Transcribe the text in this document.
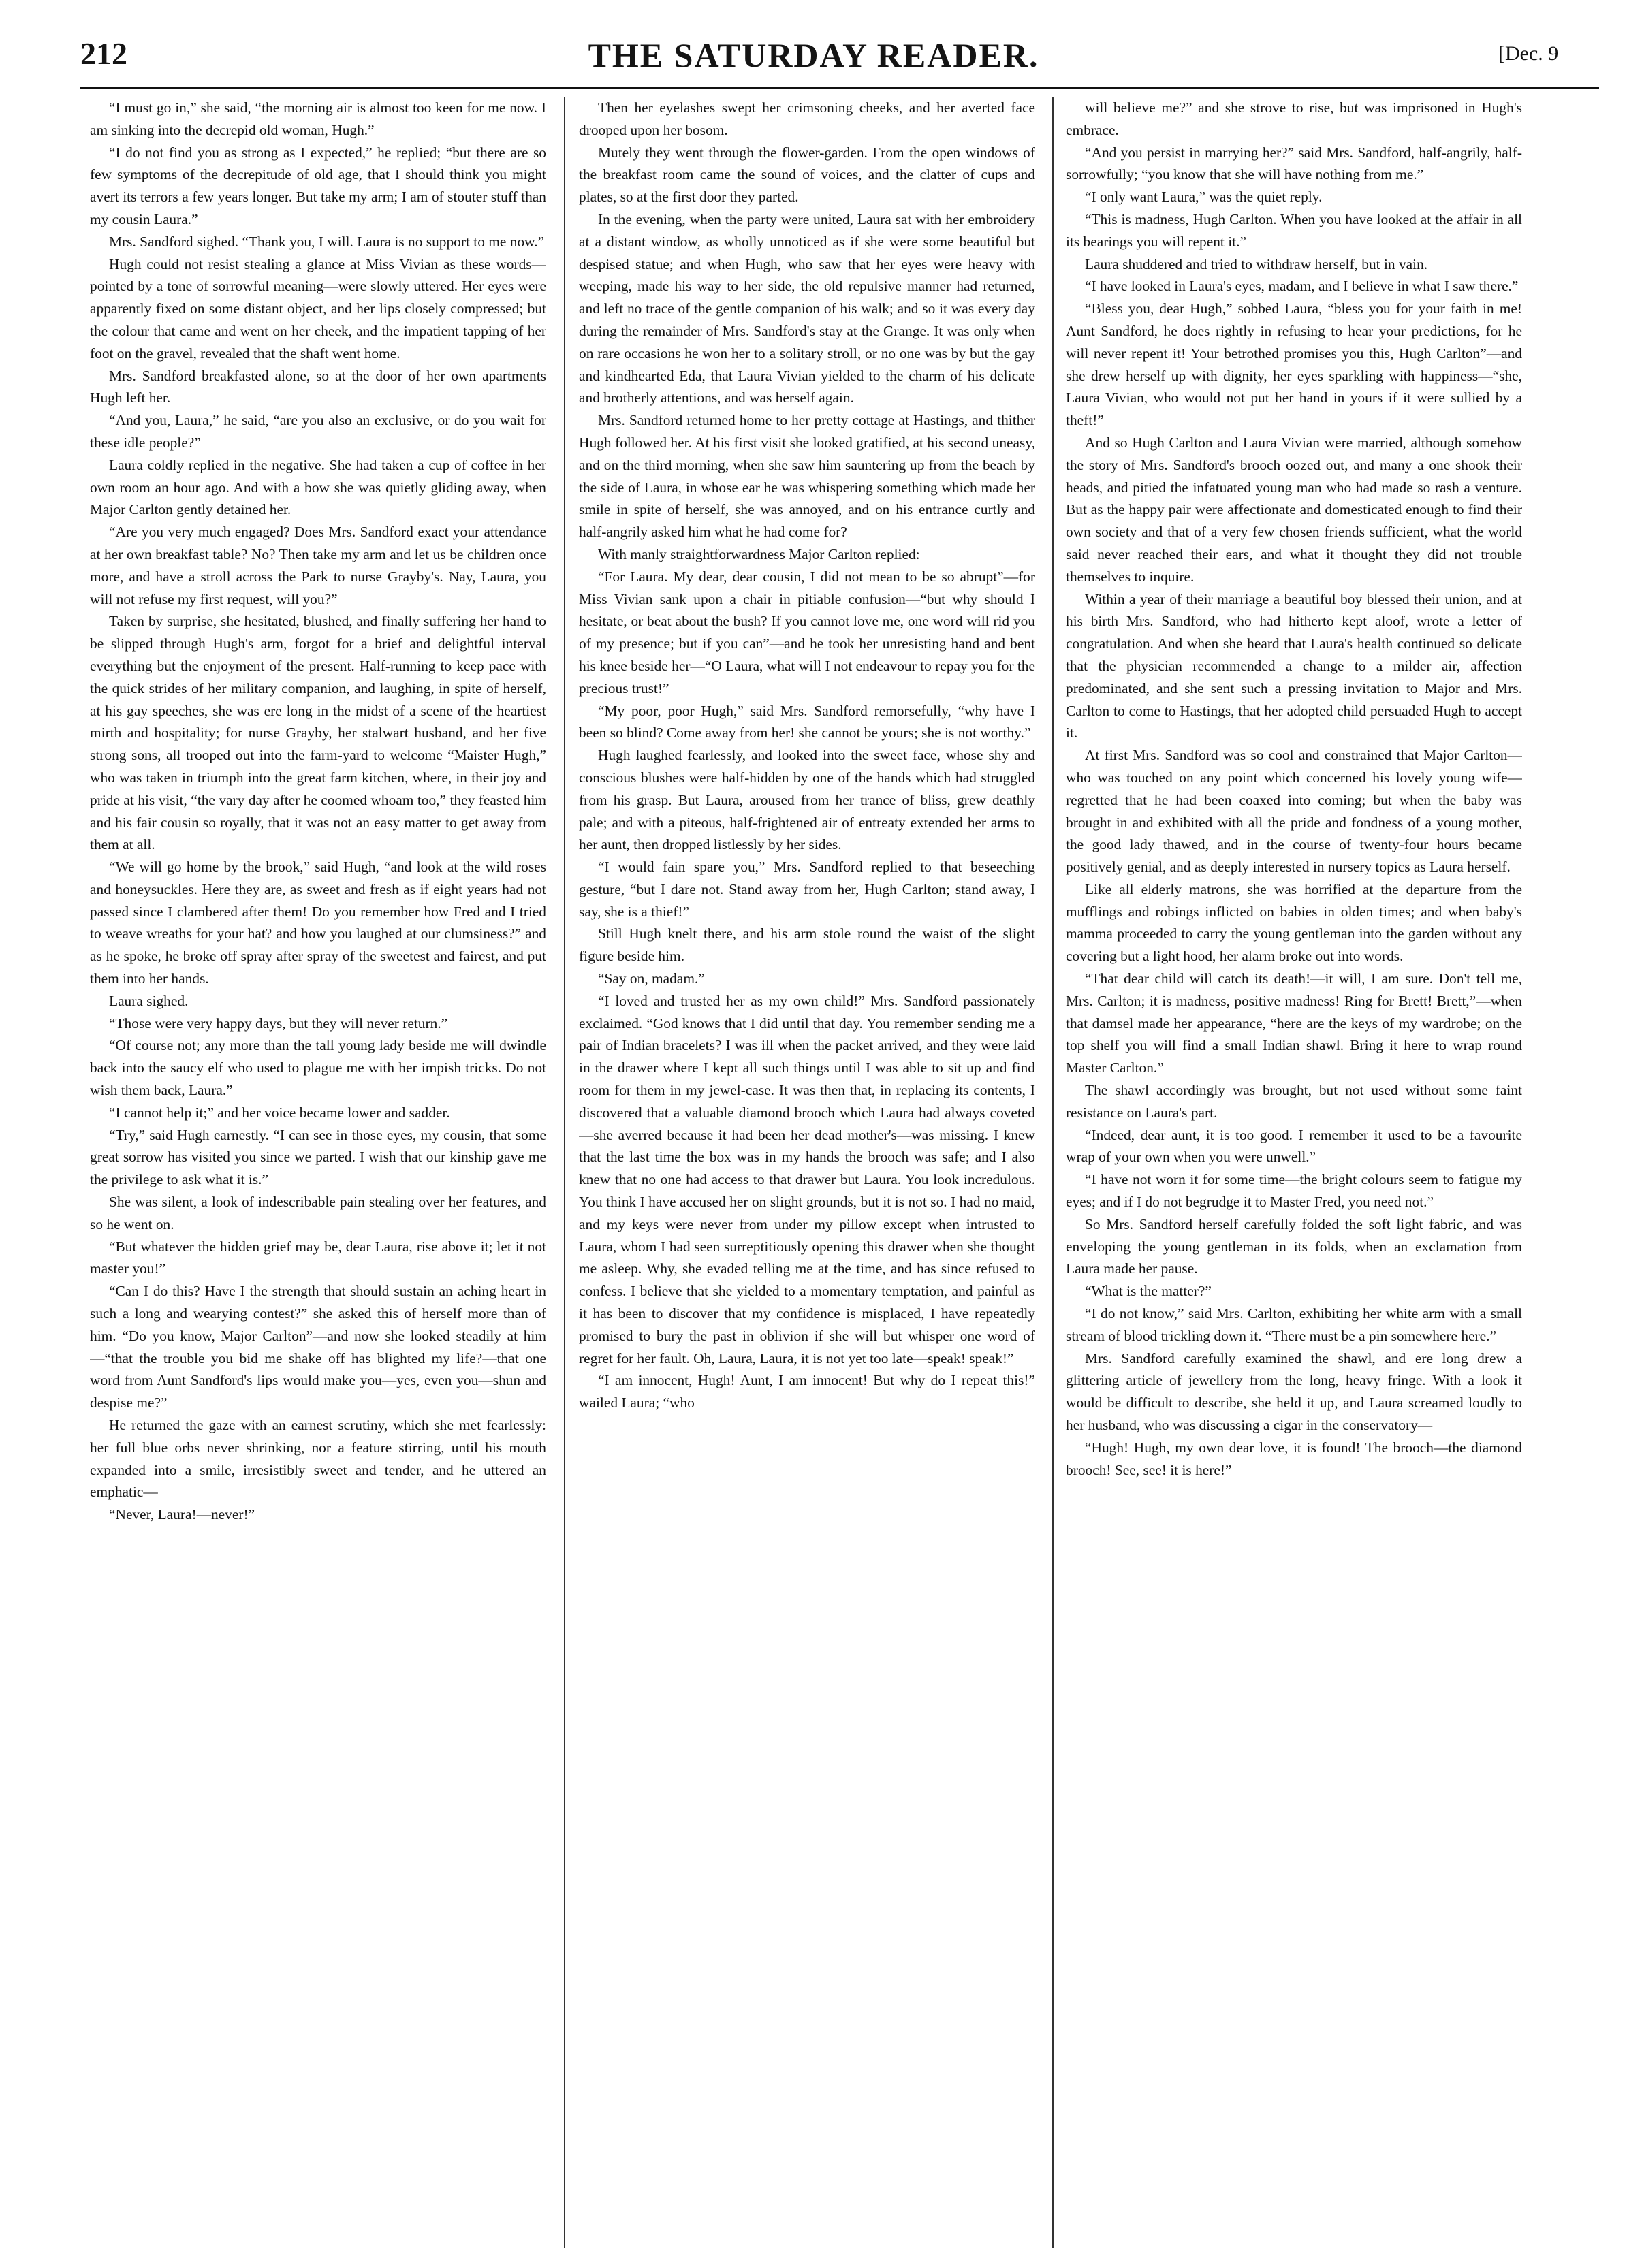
212	THE SATURDAY READER.	[Dec. 9

“I must go in,” she said, “the morning air is almost too keen for me now. I am sinking into the decrepid old woman, Hugh.”

“I do not find you as strong as I expected,” he replied; “but there are so few symptoms of the decrepitude of old age, that I should think you might avert its terrors a few years longer. But take my arm; I am of stouter stuff than my cousin Laura.”

Mrs. Sandford sighed. “Thank you, I will. Laura is no support to me now.”

Hugh could not resist stealing a glance at Miss Vivian as these words—pointed by a tone of sorrowful meaning—were slowly uttered. Her eyes were apparently fixed on some distant object, and her lips closely compressed; but the colour that came and went on her cheek, and the impatient tapping of her foot on the gravel, revealed that the shaft went home.

Mrs. Sandford breakfasted alone, so at the door of her own apartments Hugh left her.

“And you, Laura,” he said, “are you also an exclusive, or do you wait for these idle people?”

Laura coldly replied in the negative. She had taken a cup of coffee in her own room an hour ago. And with a bow she was quietly gliding away, when Major Carlton gently detained her.

“Are you very much engaged? Does Mrs. Sandford exact your attendance at her own breakfast table? No? Then take my arm and let us be children once more, and have a stroll across the Park to nurse Grayby's. Nay, Laura, you will not refuse my first request, will you?”

Taken by surprise, she hesitated, blushed, and finally suffering her hand to be slipped through Hugh's arm, forgot for a brief and delightful interval everything but the enjoyment of the present. Half-running to keep pace with the quick strides of her military companion, and laughing, in spite of herself, at his gay speeches, she was ere long in the midst of a scene of the heartiest mirth and hospitality; for nurse Grayby, her stalwart husband, and her five strong sons, all trooped out into the farm-yard to welcome “Maister Hugh,” who was taken in triumph into the great farm kitchen, where, in their joy and pride at his visit, “the vary day after he coomed whoam too,” they feasted him and his fair cousin so royally, that it was not an easy matter to get away from them at all.

“We will go home by the brook,” said Hugh, “and look at the wild roses and honeysuckles. Here they are, as sweet and fresh as if eight years had not passed since I clambered after them! Do you remember how Fred and I tried to weave wreaths for your hat? and how you laughed at our clumsiness?” and as he spoke, he broke off spray after spray of the sweetest and fairest, and put them into her hands.

Laura sighed.

“Those were very happy days, but they will never return.”

“Of course not; any more than the tall young lady beside me will dwindle back into the saucy elf who used to plague me with her impish tricks. Do not wish them back, Laura.”

“I cannot help it;” and her voice became lower and sadder.

“Try,” said Hugh earnestly. “I can see in those eyes, my cousin, that some great sorrow has visited you since we parted. I wish that our kinship gave me the privilege to ask what it is.”

She was silent, a look of indescribable pain stealing over her features, and so he went on.

“But whatever the hidden grief may be, dear Laura, rise above it; let it not master you!”

“Can I do this? Have I the strength that should sustain an aching heart in such a long and wearying contest?” she asked this of herself more than of him. “Do you know, Major Carlton”—and now she looked steadily at him—“that the trouble you bid me shake off has blighted my life?—that one word from Aunt Sandford's lips would make you—yes, even you—shun and despise me?”

He returned the gaze with an earnest scrutiny, which she met fearlessly: her full blue orbs never shrinking, nor a feature stirring, until his mouth expanded into a smile, irresistibly sweet and tender, and he uttered an emphatic—

“Never, Laura!—never!”

Then her eyelashes swept her crimsoning cheeks, and her averted face drooped upon her bosom.

Mutely they went through the flower-garden. From the open windows of the breakfast room came the sound of voices, and the clatter of cups and plates, so at the first door they parted.

In the evening, when the party were united, Laura sat with her embroidery at a distant window, as wholly unnoticed as if she were some beautiful but despised statue; and when Hugh, who saw that her eyes were heavy with weeping, made his way to her side, the old repulsive manner had returned, and left no trace of the gentle companion of his walk; and so it was every day during the remainder of Mrs. Sandford's stay at the Grange. It was only when on rare occasions he won her to a solitary stroll, or no one was by but the gay and kindhearted Eda, that Laura Vivian yielded to the charm of his delicate and brotherly attentions, and was herself again.

Mrs. Sandford returned home to her pretty cottage at Hastings, and thither Hugh followed her. At his first visit she looked gratified, at his second uneasy, and on the third morning, when she saw him sauntering up from the beach by the side of Laura, in whose ear he was whispering something which made her smile in spite of herself, she was annoyed, and on his entrance curtly and half-angrily asked him what he had come for?

With manly straightforwardness Major Carlton replied:

“For Laura. My dear, dear cousin, I did not mean to be so abrupt”—for Miss Vivian sank upon a chair in pitiable confusion—“but why should I hesitate, or beat about the bush? If you cannot love me, one word will rid you of my presence; but if you can”—and he took her unresisting hand and bent his knee beside her—“O Laura, what will I not endeavour to repay you for the precious trust!”

“My poor, poor Hugh,” said Mrs. Sandford remorsefully, “why have I been so blind? Come away from her! she cannot be yours; she is not worthy.”

Hugh laughed fearlessly, and looked into the sweet face, whose shy and conscious blushes were half-hidden by one of the hands which had struggled from his grasp. But Laura, aroused from her trance of bliss, grew deathly pale; and with a piteous, half-frightened air of entreaty extended her arms to her aunt, then dropped listlessly by her sides.

“I would fain spare you,” Mrs. Sandford replied to that beseeching gesture, “but I dare not. Stand away from her, Hugh Carlton; stand away, I say, she is a thief!”

Still Hugh knelt there, and his arm stole round the waist of the slight figure beside him.

“Say on, madam.”

“I loved and trusted her as my own child!” Mrs. Sandford passionately exclaimed. “God knows that I did until that day. You remember sending me a pair of Indian bracelets? I was ill when the packet arrived, and they were laid in the drawer where I kept all such things until I was able to sit up and find room for them in my jewel-case. It was then that, in replacing its contents, I discovered that a valuable diamond brooch which Laura had always coveted—she averred because it had been her dead mother's—was missing. I knew that the last time the box was in my hands the brooch was safe; and I also knew that no one had access to that drawer but Laura. You look incredulous. You think I have accused her on slight grounds, but it is not so. I had no maid, and my keys were never from under my pillow except when intrusted to Laura, whom I had seen surreptitiously opening this drawer when she thought me asleep. Why, she evaded telling me at the time, and has since refused to confess. I believe that she yielded to a momentary temptation, and painful as it has been to discover that my confidence is misplaced, I have repeatedly promised to bury the past in oblivion if she will but whisper one word of regret for her fault. Oh, Laura, Laura, it is not yet too late—speak! speak!”

“I am innocent, Hugh! Aunt, I am innocent! But why do I repeat this!” wailed Laura; “who

will believe me?” and she strove to rise, but was imprisoned in Hugh's embrace.

“And you persist in marrying her?” said Mrs. Sandford, half-angrily, half-sorrowfully; “you know that she will have nothing from me.”

“I only want Laura,” was the quiet reply.

“This is madness, Hugh Carlton. When you have looked at the affair in all its bearings you will repent it.”

Laura shuddered and tried to withdraw herself, but in vain.

“I have looked in Laura's eyes, madam, and I believe in what I saw there.”

“Bless you, dear Hugh,” sobbed Laura, “bless you for your faith in me! Aunt Sandford, he does rightly in refusing to hear your predictions, for he will never repent it! Your betrothed promises you this, Hugh Carlton”—and she drew herself up with dignity, her eyes sparkling with happiness—“she, Laura Vivian, who would not put her hand in yours if it were sullied by a theft!”

And so Hugh Carlton and Laura Vivian were married, although somehow the story of Mrs. Sandford's brooch oozed out, and many a one shook their heads, and pitied the infatuated young man who had made so rash a venture. But as the happy pair were affectionate and domesticated enough to find their own society and that of a very few chosen friends sufficient, what the world said never reached their ears, and what it thought they did not trouble themselves to inquire.

Within a year of their marriage a beautiful boy blessed their union, and at his birth Mrs. Sandford, who had hitherto kept aloof, wrote a letter of congratulation. And when she heard that Laura's health continued so delicate that the physician recommended a change to a milder air, affection predominated, and she sent such a pressing invitation to Major and Mrs. Carlton to come to Hastings, that her adopted child persuaded Hugh to accept it.

At first Mrs. Sandford was so cool and constrained that Major Carlton—who was touched on any point which concerned his lovely young wife—regretted that he had been coaxed into coming; but when the baby was brought in and exhibited with all the pride and fondness of a young mother, the good lady thawed, and in the course of twenty-four hours became positively genial, and as deeply interested in nursery topics as Laura herself.

Like all elderly matrons, she was horrified at the departure from the mufflings and robings inflicted on babies in olden times; and when baby's mamma proceeded to carry the young gentleman into the garden without any covering but a light hood, her alarm broke out into words.

“That dear child will catch its death!—it will, I am sure. Don't tell me, Mrs. Carlton; it is madness, positive madness! Ring for Brett! Brett,”—when that damsel made her appearance, “here are the keys of my wardrobe; on the top shelf you will find a small Indian shawl. Bring it here to wrap round Master Carlton.”

The shawl accordingly was brought, but not used without some faint resistance on Laura's part.

“Indeed, dear aunt, it is too good. I remember it used to be a favourite wrap of your own when you were unwell.”

“I have not worn it for some time—the bright colours seem to fatigue my eyes; and if I do not begrudge it to Master Fred, you need not.”

So Mrs. Sandford herself carefully folded the soft light fabric, and was enveloping the young gentleman in its folds, when an exclamation from Laura made her pause.

“What is the matter?”

“I do not know,” said Mrs. Carlton, exhibiting her white arm with a small stream of blood trickling down it. “There must be a pin somewhere here.”

Mrs. Sandford carefully examined the shawl, and ere long drew a glittering article of jewellery from the long, heavy fringe. With a look it would be difficult to describe, she held it up, and Laura screamed loudly to her husband, who was discussing a cigar in the conservatory—

“Hugh! Hugh, my own dear love, it is found! The brooch—the diamond brooch! See, see! it is here!”
